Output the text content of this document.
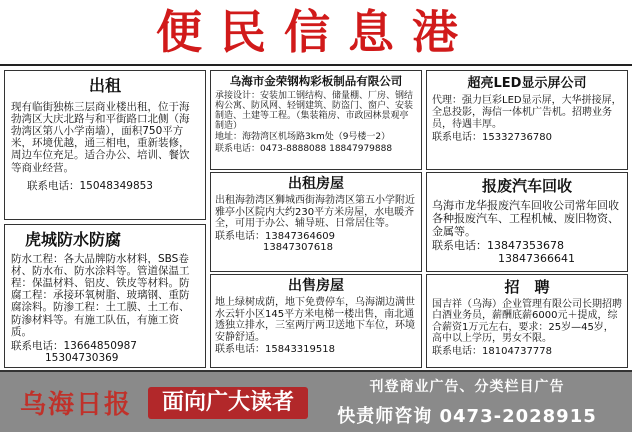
便民信息港
出租
现有临街独栋三层商业楼出租，位于海勃湾区大庆北路与和平街路口北侧（海勃湾区第八小学南墙），面积750平方米，环境优越，通三相电，重新装修，周边车位充足。适合办公、培训、餐饮等商业经营。
联系电话：15048349853
虎城防水防腐
防水工程：各大品牌防水材料，SBS卷材、防水布、防水涂料等。管道保温工程：保温材料、铝皮、铁皮等材料。防腐工程：承接环氧树脂、玻璃钢、重防腐涂料。防渗工程：土工膜、土工布、防渗材料等。有施工队伍，有施工资质。
联系电话：13664850987
15304730369
乌海市金荣钢构彩板制品有限公司
承接设计：安装加工钢结构、储量棚、厂房、钢结构公寓、防风网、轻钢建筑、防盗门、窗户、安装制造、土建等工程。（集装箱房、市政园林景观亭制造）
地址：海勃湾区机场路3km处（9号楼一2）
联系电话：0473-8888088 18847979888
出租房屋
出租海勃湾区狮城西街海勃湾区第五小学附近雅亭小区院内大约230平方米房屋，水电暖齐全，可用于办公、辅导班、日常居住等。
联系电话：13847364609
13847307618
出售房屋
地上绿树成荫，地下免费停车，乌海湖边满世水云轩小区145平方米电梯一楼出售，南北通透独立排水，三室两厅两卫送地下车位，环境安静舒适。
联系电话：15843319518
超亮LED显示屏公司
代理：强力巨彩LED显示屏，大华拼接屏，全息投影，海信一体机广告机。招聘业务员，待遇丰厚。
联系电话：15332736780
报废汽车回收
乌海市龙华报废汽车回收公司常年回收各种报废汽车、工程机械、废旧物资、金属等。
联系电话：13847353678
13847366641
招　聘
国吉祥（乌海）企业管理有限公司长期招聘白酒业务员，薪酬底薪6000元＋提成，综合薪资1万元左右，要求：25岁—45岁，高中以上学历，男女不限。
联系电话：18104737778
乌海日报	面向广大读者
刊登商业广告、分类栏目广告
快责师咨询 0473-2028915
